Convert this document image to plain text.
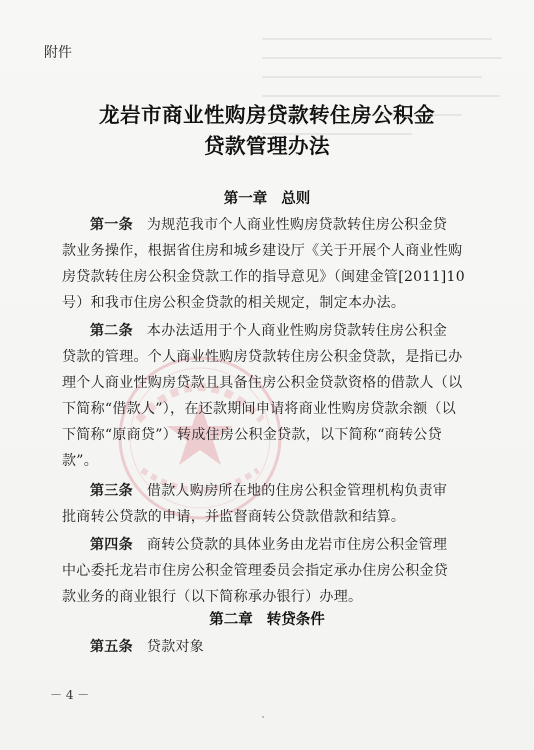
附件
龙岩市商业性购房贷款转住房公积金
贷款管理办法
第一章 总则
第一条 为规范我市个人商业性购房贷款转住房公积金贷
款业务操作，根据省住房和城乡建设厅《关于开展个人商业性购
房贷款转住房公积金贷款工作的指导意见》（闽建金管[2011]10
号）和我市住房公积金贷款的相关规定，制定本办法。
第二条 本办法适用于个人商业性购房贷款转住房公积金
贷款的管理。个人商业性购房贷款转住房公积金贷款，是指已办
理个人商业性购房贷款且具备住房公积金贷款资格的借款人（以
下简称“借款人”），在还款期间申请将商业性购房贷款余额（以
下简称“原商贷”）转成住房公积金贷款，以下简称“商转公贷
款”。
第三条 借款人购房所在地的住房公积金管理机构负责审
批商转公贷款的申请，并监督商转公贷款借款和结算。
第四条 商转公贷款的具体业务由龙岩市住房公积金管理
中心委托龙岩市住房公积金管理委员会指定承办住房公积金贷
款业务的商业银行（以下简称承办银行）办理。
第二章 转贷条件
第五条 贷款对象
－ 4 －
